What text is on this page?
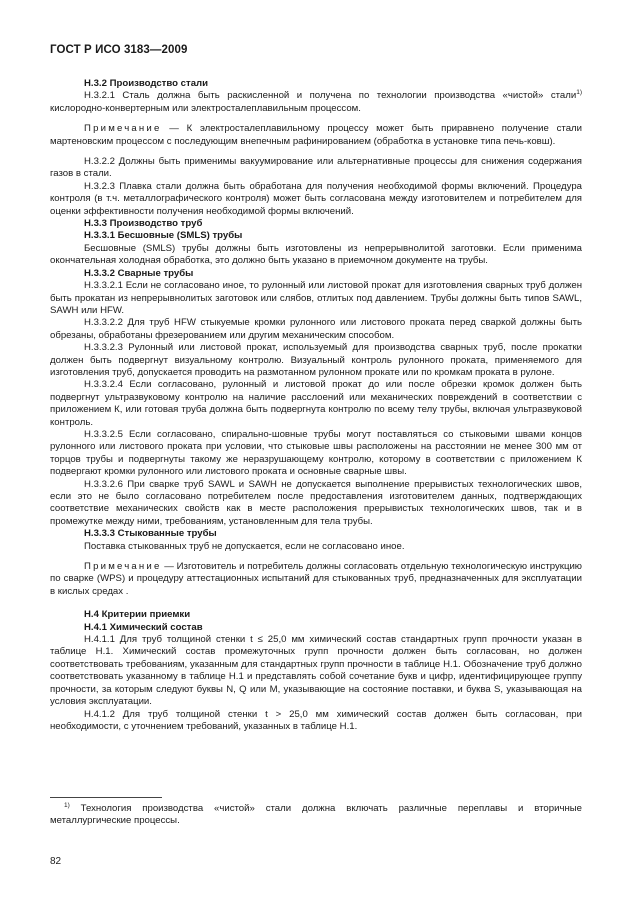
ГОСТ Р ИСО 3183—2009

Н.3.2 Производство стали

Н.3.2.1 Сталь должна быть раскисленной и получена по технологии производства «чистой» стали$^{1)}$ кислородно-конвертерным или электросталеплавильным процессом.

Примечание — К электросталеплавильному процессу может быть приравнено получение стали мартеновским процессом с последующим внепечным рафинированием (обработка в установке типа печь-ковш).

Н.3.2.2 Должны быть применимы вакуумирование или альтернативные процессы для снижения содержания газов в стали.

Н.3.2.3 Плавка стали должна быть обработана для получения необходимой формы включений. Процедура контроля (в т.ч. металлографического контроля) может быть согласована между изготовителем и потребителем для оценки эффективности получения необходимой формы включений.

Н.3.3 Производство труб

Н.3.3.1 Бесшовные (SMLS) трубы

Бесшовные (SMLS) трубы должны быть изготовлены из непрерывнолитой заготовки. Если применима окончательная холодная обработка, это должно быть указано в приемочном документе на трубы.

Н.3.3.2 Сварные трубы

Н.3.3.2.1 Если не согласовано иное, то рулонный или листовой прокат для изготовления сварных труб должен быть прокатан из непрерывнолитых заготовок или слябов, отлитых под давлением. Трубы должны быть типов SAWL, SAWH или HFW.

Н.3.3.2.2 Для труб HFW стыкуемые кромки рулонного или листового проката перед сваркой должны быть обрезаны, обработаны фрезерованием или другим механическим способом.

Н.3.3.2.3 Рулонный или листовой прокат, используемый для производства сварных труб, после прокатки должен быть подвергнут визуальному контролю. Визуальный контроль рулонного проката, применяемого для изготовления труб, допускается проводить на размотанном рулонном прокате или по кромкам проката в рулоне.

Н.3.3.2.4 Если согласовано, рулонный и листовой прокат до или после обрезки кромок должен быть подвергнут ультразвуковому контролю на наличие расслоений или механических повреждений в соответствии с приложением К, или готовая труба должна быть подвергнута контролю по всему телу трубы, включая ультразвуковой контроль.

Н.3.3.2.5 Если согласовано, спирально-шовные трубы могут поставляться со стыковыми швами концов рулонного или листового проката при условии, что стыковые швы расположены на расстоянии не менее 300 мм от торцов трубы и подвергнуты такому же неразрушающему контролю, которому в соответствии с приложением К подвергают кромки рулонного или листового проката и основные сварные швы.

Н.3.3.2.6 При сварке труб SAWL и SAWH не допускается выполнение прерывистых технологических швов, если это не было согласовано потребителем после предоставления изготовителем данных, подтверждающих соответствие механических свойств как в месте расположения прерывистых технологических швов, так и в промежутке между ними, требованиям, установленным для тела трубы.

Н.3.3.3 Стыкованные трубы

Поставка стыкованных труб не допускается, если не согласовано иное.

Примечание — Изготовитель и потребитель должны согласовать отдельную технологическую инструкцию по сварке (WPS) и процедуру аттестационных испытаний для стыкованных труб, предназначенных для эксплуатации в кислых средах .

Н.4 Критерии приемки

Н.4.1 Химический состав

Н.4.1.1 Для труб толщиной стенки t ≤ 25,0 мм химический состав стандартных групп прочности указан в таблице Н.1. Химический состав промежуточных групп прочности должен быть согласован, но должен соответствовать требованиям, указанным для стандартных групп прочности в таблице Н.1. Обозначение труб должно соответствовать указанному в таблице Н.1 и представлять собой сочетание букв и цифр, идентифицирующее группу прочности, за которым следуют буквы N, Q или M, указывающие на состояние поставки, и буква S, указывающая на условия эксплуатации.

Н.4.1.2 Для труб толщиной стенки t > 25,0 мм химический состав должен быть согласован, при необходимости, с уточнением требований, указанных в таблице Н.1.

$^{1)}$ Технология производства «чистой» стали должна включать различные переплавы и вторичные металлургические процессы.

82
